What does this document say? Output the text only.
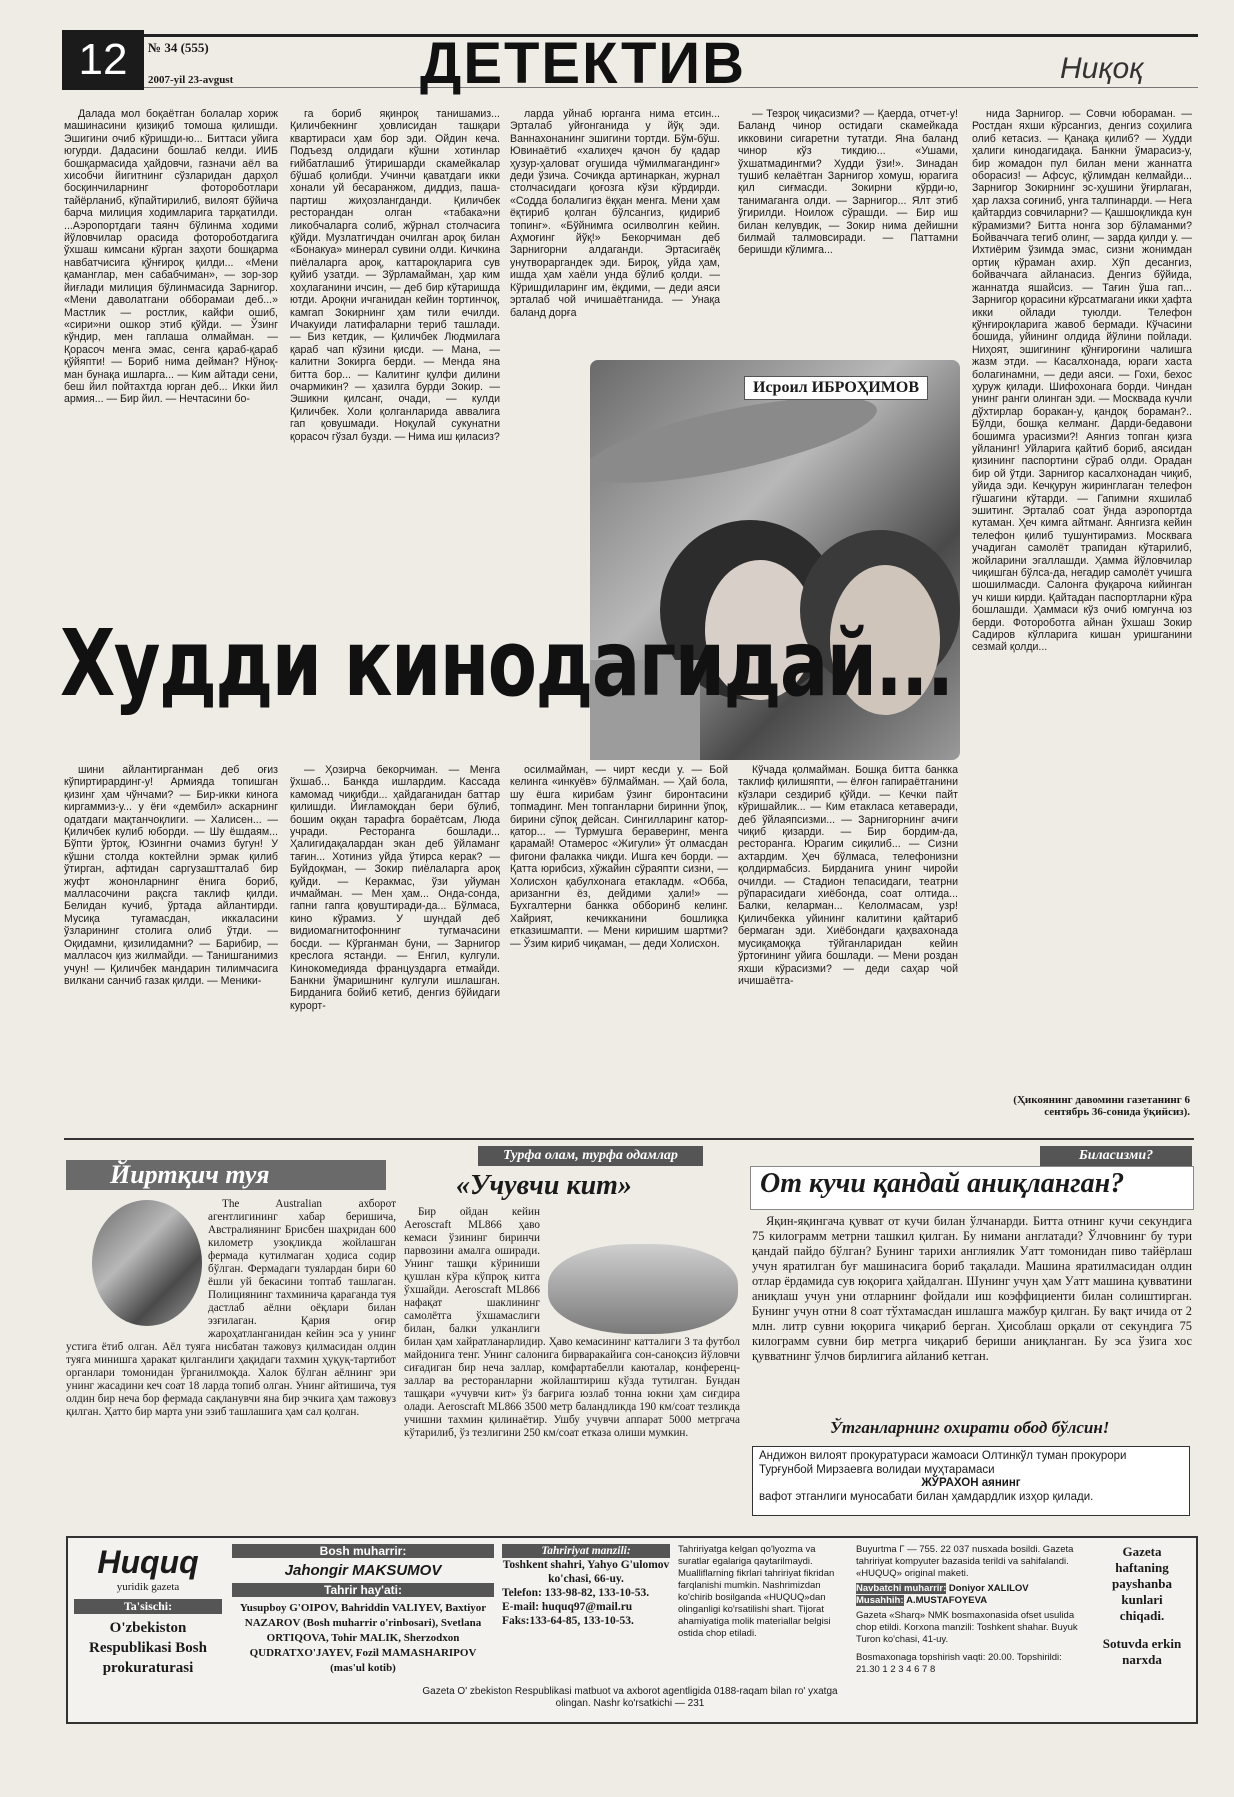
12	№ 34 (555)
2007-yil 23-avgust	ДЕТЕКТИВ	Ниқоқ

Далада мол боқаётган болалар хориж машинасини қизиқиб томоша қилишди. Эшигини очиб кўришди-ю... Биттаси уйига югурди. Дадасини бошлаб келди. ИИБ бошқармасида ҳайдовчи, газначи аёл ва хисобчи йигитнинг сўзларидан дарҳол босқинчиларнинг фотороботлари тайёрланиб, кўпайтирилиб, вилоят бўйича барча милиция ходимларига тарқатилди. ...Аэропортдаги таянч бўлинма ходими йўловчилар орасида фотороботдагига ўхшаш кимсани кўрган заҳоти бошқарма навбатчисига қўнғироқ қилди... «Мени қаманглар, мен сабабчиман», — зор-зор йиғлади милиция бўлинмасида Зарнигор. «Мени даволатгани обборамаи деб...» Мастлик — ростлик, кайфи ошиб, «сири»ни ошкор этиб қўйди. — Ўзинг кўндир, мен гаплаша олмайман. — Қорасоч менга эмас, сенга қараб-қараб қўйяпти! — Бориб нима деймaн? Нўноқ-ман бунақа ишларга... — Ким айтади сени, беш йил пойтахтда юрган деб... Икки йил армия... — Бир йил. — Нечтасини бо-

га бориб яқинроқ танишамиз... Қиличбекнинг ҳовлисидан ташқари квартираси ҳам бор эди. Ойдин кеча. Подъезд олдидаги кўшни хотинлар ғийбатлашиб ўтиришарди скамейкалар бўшаб қолибди. Учинчи қаватдаги икки хонали уй бесаранжом, диддиз, паша-партиш жиҳозлангданди. Қиличбек ресторандан олган «табака»ни ликобчаларга солиб, жўрнал столчасига қўйди. Музлатгичдан очилган ароқ билан «Бонакуа» минерал сувини олди. Кичкина пиёлаларга ароқ, каттароқларига сув қуйиб узатди. — Зўрламайман, ҳар ким хоҳлаганини ичсин, — деб бир кўтаришда ютди. Ароқни ичганидан кейин тортинчоқ, камгап Зокирнинг ҳам тили ечилди. Ичакуиди латифаларни териб ташлади. — Биз кетдик, — Қиличбек Людмилага қараб чап кўзини қисди. — Мана, — калитни Зокирга берди. — Менда яна битта бор... — Калитинг қулфи дилини очармикин? — ҳазилга бурди Зокир. — Эшикни қилсанг, очади, — кулди Қиличбек. Холи қолганларида аввалига гап қовушмади. Ноқулай сукунатни қорасоч гўзал бузди. — Нима иш қиласиз?

ларда уйнаб юрганга нима етсин... Эрталаб уйғонганида у йўқ эди. Ваннахонанинг эшигини тортди. Бўм-бўш. Ювинаётиб «халиҳеч қачон бу қадар ҳузур-ҳаловат огушида чўмилмагандинг» деди ўзича. Сочикда артинаркан, журнал столчасидаги қоғозга кўзи кўрдирди. «Содда болалигиз ёққан менга. Мени ҳам ёқтириб қолган бўлсангиз, қидириб топинг». «Бўйнимга осилволгин кейин. Аҳмоғинг йўқ!» Бекорчиман деб Зарнигорни алдаганди. Эртасигаёқ унутвораргандек эди. Бироқ, уйда ҳам, ишда ҳам хаёли унда бўлиб қолди. — Кўришдиларинг им, ёқдими, — деди аяси эрталаб чой ичишаётганида. — Унақа баланд дорға

— Тезроқ чиқасизми? — Қаерда, отчет-у! Баланд чинор остидаги скамейкада икковини сигаретни тутатди. Яна баланд чинор кўз тикдию... «Ушами, ўхшатмадингми? Худди ўзи!». Зинадан тушиб келаётган Зарнигор хомуш, юрагига қил сиғмасди. Зокирни кўрди-ю, танимаганга олди. — Зарнигор... Ялт этиб ўгирилди. Ноилож сўрашди. — Бир иш билан келувдик, — Зокир нима дейишни билмай талмовсиради. — Паттамни беришди кўлимга...

нида Зарнигор. — Совчи юбораман. — Ростдан яхши кўрсангиз, денгиз соҳилига олиб кетасиз. — Қанақа қилиб? — Худди ҳалиги кинодагидақа. Банкни ўмарасиз-у, бир жомадон пул билан мени жаннатга оборасиз! — Афсус, қўлимдан келмайди... Зарнигор Зокирнинг эс-ҳушини ўғирлаган, ҳар лахза соғиниб, унга талпинарди. — Нега қайтардиз совчиларни? — Қашшоқликда кун кўрамизми? Битта нонга зор бўламанми? Бойваччага тегиб олинг, — зарда қилди у. — Ихтиёрим ўзимда эмас, сизни жонимдан ортиқ кўраман ахир. Хўп десангиз, бойваччага айланасиз. Денгиз бўйида, жаннатда яшайсиз. — Тағин ўша гап... Зарнигор қорасини кўрсатмагани икки ҳафта икки ойлади туюлди. Телефон қўнғироқларига жавоб бермади. Кўчасини бошида, уйининг олдида йўлини пойлади. Ниҳоят, эшигининг қўнғироғини чалишга жазм этди. — Касалхонада, юраги хаста болагинамни, — деди аяси. — Гохи, бехос ҳуруж қилади. Шифохонага борди. Чиндан унинг ранги олинган эди. — Москвада кучли дўхтирлар боракан-у, қандоқ бораман?.. Бўлди, бошқа келманг. Дарди-бедавони бошимга урасизми?! Аянгиз топган қизга уйланинг! Уйларига қайтиб бориб, аясидан қизининг паспортини сўраб олди. Орадан бир ой ўтди. Зарнигор касалхонадан чиқиб, уйида эди. Кечқурун жиринглаган телефон гўшагини кўтарди. — Гапимни яхшилаб эшитинг. Эрталаб соат ўнда аэропортда кутаман. Ҳеч кимга айтманг. Аянгизга кейин телефон қилиб тушунтирамиз. Москвага учадиган самолёт трапидан кўтарилиб, жойларини эгаллашди. Ҳамма йўловчилар чиқишган бўлса-да, негадир самолёт учишга шошилмасди. Салонга фуқароча кийинган уч киши кирди. Қайтадан паспортларни кўра бошлашди. Ҳаммаси кўз очиб юмгунча юз берди. Фотороботга айнан ўхшаш Зокир Садиров кўлларига кишан уришганини сезмай қолди...

Исроил ИБРОҲИМОВ
Худди кинодагидай...

шини айлантирганман деб оғиз кўпиртирардинг-у! Армияда топишган қизинг ҳам чўнчами? — Бир-икки кинога киргаммиз-у... у ёғи «дембил» аскарнинг одатдаги мақтанчоқлиги. — Халисен... — Қиличбек кулиб юборди. — Шу ёшдаям... Бўпти ўртоқ, Юзингни очамиз бугун! У кўшни столда коктейлни эрмак қилиб ўтирган, афтидан саргузаштталаб бир жуфт жононларнинг ёнига бориб, малласочини рақсга таклиф қилди. Белидан кучиб, ўртада айлантирди. Мусиқа тугамасдан, иккаласини ўзларининг столига олиб ўтди. — Оқидамни, қизилидамни? — Барибир, — малласоч қиз жилмайди. — Танишганимиз учун! — Қиличбек мандарин тилимчасига вилкани санчиб газак қилди. — Меники-

— Ҳозирча бекорчиман. — Менга ўхшаб... Банкда ишлардим. Кассада камомад чиқибди... ҳайдаганидан баттар қилишди. Йиғламоқдан бери бўлиб, бошим оққан тарафга бораётсам, Люда учради. Ресторанга бошлади... Ҳалигидақалардан экан деб ўйламанг тағин... Хотиниз уйда ўтирса керак? — Буйдоқман, — Зокир пиёлаларга ароқ қуйди. — Керакмас, ўзи уйуман ичмайман. — Мен ҳам... Онда-сонда, гапни гапга қовуштиради-да... Бўлмаса, кино кўрамиз. У шундай деб видиомагнитофоннинг тугмачасини босди. — Кўрганман буни, — Зарнигор креслога ястанди. — Енгил, кулгули. Кинокомедияда француздарга етмайди. Банкни ўмаришнинг кулгули ишлашган. Бирданига бойиб кетиб, денгиз бўйидаги курорт-

осилмайман, — чирт кесди у. — Бой келинга «инкуёв» бўлмайман. — Ҳай бола, шу ёшга кирибам ўзинг биронтасини топмадинг. Мен топганларни биринни ўпоқ, бирини сўпоқ дейсан. Сингилларинг катор-қатор... — Турмушга бераверинг, менга қарамай! Отамерос «Жигули» ўт олмасдан фигони фалакка чиқди. Ишга кеч борди. — Қатта юрибсиз, хўжайин сўраяпти сизни, — Холисхон қабулхонага етакладм. «Обба, аризангни ёз, дейдими ҳали!» — Бухгалтерни банкка обборинб келинг. Хайрият, кечикканини бошлиқка етказишмапти. — Мени киришим шартми? — Ўзим кириб чиқаман, — деди Холисхон.

Кўчада қолмайман. Бошқа битта банкка таклиф қилишяпти, — ёлғон гапираётганини кўзлари сездириб қўйди. — Кечки пайт кўришайлик... — Ким етаклаca кетаверади, деб ўйлаяпсизми... — Зарнигорнинг ачиғи чиқиб қизарди. — Бир бордим-да, ресторанга. Юрагим сиқилиб... — Сизни ахтардим. Ҳеч бўлмаса, телефонизни қолдирмабсиз. Бирданига унинг чиройи очилди. — Стадион тепасидаги, театрни рўпарасидаги хиёбонда, соат олтида... Балки, келарман... Келолмасам, узр! Қиличбекка уйининг калитини қайтариб бермаган эди. Хиёбондаги қаҳвахонада мусиқамоққа тўйганларидан кейин ўртоғининг уйига бошлади. — Мени роздан яхши кўрасизми? — деди саҳар чой ичишаётга-

(Ҳикоянинг давомини газетанинг 6 сентябрь 36-сонида ўқийсиз).
Турфа олам, турфа одамлар	Биласизми?
Йиртқич туя

The Australian ахборот агентлигининг хабар беришича, Австралиянинг Брисбен шаҳридан 600 километр узоқликда жойлашган фермада кутилмаган ҳодиса содир бўлган. Фермадаги туялардан бири 60 ёшли уй бекасини топтаб ташлаган. Полициянинг тахминича қараганда туя дастлаб аёлни оёқлари билан эзғилаган. Қария оғир жароҳатланганидан кейин эса у унинг устига ётиб олган. Аёл туяга нисбатан тажовуз қилмасидан олдин туяга минишга ҳаракат қилганлиги ҳақидаги тахмин ҳуқуқ-тартибот органлари томонидан ўрганилмоқда. Халок бўлган аёлнинг эри унинг жасадини кеч соат 18 ларда топиб олган. Унинг айтишича, туя олдин бир неча бор фермада сақланувчи яна бир эчкига ҳам тажовуз қилган. Ҳатто бир марта уни эзиб ташлашига ҳам сал қолган.

«Учувчи кит»

Бир ойдан кейин Aeroscraft ML866 ҳаво кемаси ўзининг биринчи парвозини амалга оширади. Унинг ташқи кўриниши қушлан кўра кўпроқ китга ўхшайди. Aeroscraft ML866 нафақат шаклининг самолётга ўхшамаслиги билан, балки улканлиги билан ҳам хайратланарлидир. Ҳаво кемасининг катталиги 3 та футбол майдонига тенг. Унинг салонига бирваракайига сон-саноқсиз йўловчи сиғадиган бир неча заллар, комфартабелли каюталар, конференц-заллар ва ресторанларни жойлаштириш кўзда тутилган. Бундан ташқари «учувчи кит» ўз бағрига юзлаб тонна юкни ҳам сиғдира олади. Aeroscraft ML866 3500 метр баландликда 190 км/соат тезликда учишни тахмин қилинаётир. Ушбу учувчи аппарат 5000 метргача кўтарилиб, ўз тезлигини 250 км/соат етказа олиши мумкин.

От кучи қандай аниқланган?

Яқин-яқингача қувват от кучи билан ўлчанарди. Битта отнинг кучи секундига 75 килограмм метрни ташкил қилган. Бу нимани англатади? Ўлчовнинг бу тури қандай пайдо бўлган? Бунинг тарихи англиялик Уатт томонидан пиво тайёрлаш учун яратилган буғ машинасига бориб тақалади. Машина яратилмасидан олдин отлар ёрдамида сув юқорига ҳайдалган. Шунинг учун ҳам Уатт машина қувватини аниқлаш учун уни отларнинг фойдали иш коэффициенти билан солиштирган. Бунинг учун отни 8 соат тўхтамасдан ишлашга мажбур қилган. Бу вақт ичида от 2 млн. литр сувни юқорига чиқариб берган. Ҳисоблаш орқали от секундига 75 килограмм сувни бир метрга чиқариб бериши аниқланган. Бу эса ўзига хос қувватнинг ўлчов бирлигига айланиб кетган.

Ўтганларнинг охирати обод бўлсин!
Андижон вилоят прокуратураси жамоаси Олтинкўл туман прокурори Турғунбой Мирзаевга волидаи муҳтарамаси
ЖЎРАХОН аянинг
вафот этганлиги муносабати билан ҳамдардлик изҳор қилади.
Huquq
yuridik gazeta
Ta'sischi:
O'zbekiston Respublikasi Bosh prokuraturasi
Bosh muharrir:
Jahongir MAKSUMOV
Tahrir hay'ati:
Yusupboy G'OIPOV, Bahriddin VALIYEV, Baxtiyor NAZAROV (Bosh muharrir o'rinbosari), Svetlana ORTIQOVA, Tohir MALIK, Sherzodxon QUDRATXO'JAYEV, Fozil MAMASHARIPOV (mas'ul kotib)
Tahririyat manzili:
Toshkent shahri, Yahyo G'ulomov ko'chasi, 66-uy.
Telefon: 133-98-82, 133-10-53.
E-mail: huquq97@mail.ru
Faks:133-64-85, 133-10-53.
Tahririyatga kelgan qo'lyozma va suratlar egalariga qaytarilmaydi. Mualliflarning fikrlari tahririyat fikridan farqlanishi mumkin. Nashrimizdan ko'chirib bosilganda «HUQUQ»dan olinganligi ko'rsatilishi shart. Tijorat ahamiyatiga molik materiallar belgisi ostida chop etiladi.
Buyurtma Г — 755. 22 037 nusxada bosildi. Gazeta tahririyat kompyuter bazasida terildi va sahifalandi. «HUQUQ» original maketi.
Navbatchi muharrir: Doniyor XALILOV
Musahhih: A.MUSTAFOYEVA
Gazeta «Sharq» NMK bosmaxonasida ofset usulida chop etildi. Korxona manzili: Toshkent shahar. Buyuk Turon ko'chasi, 41-uy.
Bosmaxonaga topshirish vaqti: 20.00. Topshirildi: 21.30 1 2 3 4 6 7 8
Gazeta haftaning payshanba kunlari chiqadi.
Sotuvda erkin narxda
Gazeta O' zbekiston Respublikasi matbuot va axborot agentligida 0188-raqam bilan ro' yxatga olingan. Nashr ko'rsatkichi — 231
